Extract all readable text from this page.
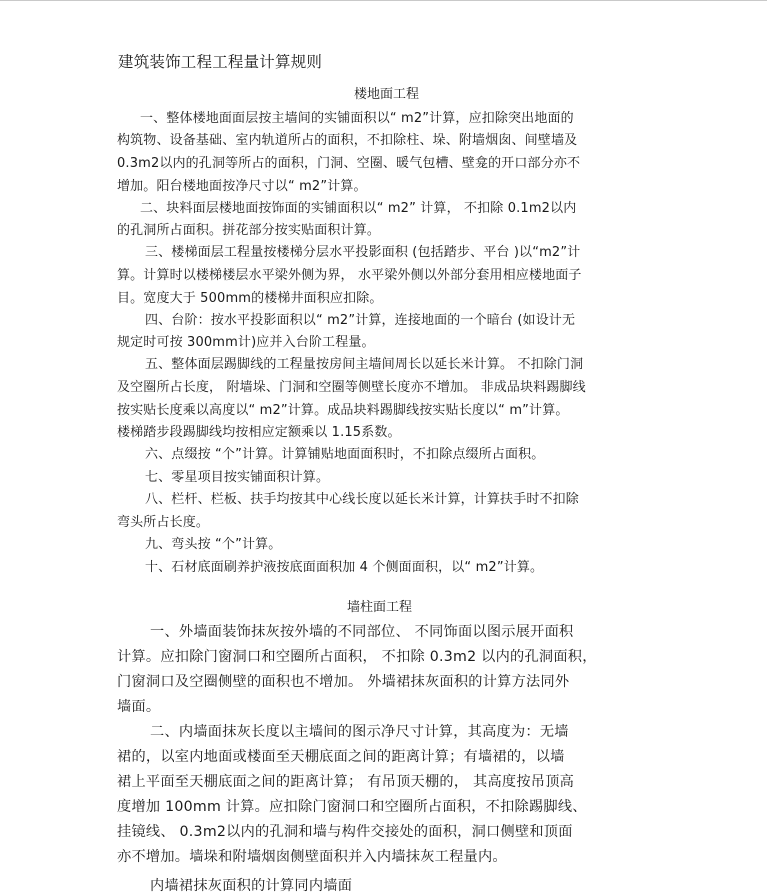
建筑装饰工程工程量计算规则
楼地面工程
一、整体楼地面面层按主墙间的实铺面积以“ m2”计算，应扣除突出地面的
构筑物、设备基础、室内轨道所占的面积，不扣除柱、垛、附墙烟囱、间壁墙及
0.3m2以内的孔洞等所占的面积，门洞、空圈、暖气包槽、壁龛的开口部分亦不
增加。阳台楼地面按净尺寸以“ m2”计算。
二、块料面层楼地面按饰面的实铺面积以“ m2” 计算， 不扣除 0.1m2以内
的孔洞所占面积。拼花部分按实贴面积计算。
三、楼梯面层工程量按楼梯分层水平投影面积 (包括踏步、平台 )以“m2”计
算。计算时以楼梯楼层水平梁外侧为界， 水平梁外侧以外部分套用相应楼地面子
目。宽度大于 500mm的楼梯井面积应扣除。
四、台阶：按水平投影面积以“ m2”计算，连接地面的一个暗台 (如设计无
规定时可按 300mm计)应并入台阶工程量。
五、整体面层踢脚线的工程量按房间主墙间周长以延长米计算。 不扣除门洞
及空圈所占长度， 附墙垛、门洞和空圈等侧壁长度亦不增加。 非成品块料踢脚线
按实贴长度乘以高度以“ m2”计算。成品块料踢脚线按实贴长度以“ m”计算。
楼梯踏步段踢脚线均按相应定额乘以 1.15系数。
六、点缀按 “个”计算。计算铺贴地面面积时，不扣除点缀所占面积。
七、零星项目按实铺面积计算。
八、栏杆、栏板、扶手均按其中心线长度以延长米计算，计算扶手时不扣除
弯头所占长度。
九、弯头按 “个”计算。
十、石材底面刷养护液按底面面积加 4 个侧面面积，以“ m2”计算。
墙柱面工程
一、外墙面装饰抹灰按外墙的不同部位、 不同饰面以图示展开面积
计算。应扣除门窗洞口和空圈所占面积， 不扣除 0.3m2 以内的孔洞面积，
门窗洞口及空圈侧壁的面积也不增加。 外墙裙抹灰面积的计算方法同外
墙面。
二、内墙面抹灰长度以主墙间的图示净尺寸计算，其高度为：无墙
裙的，以室内地面或楼面至天棚底面之间的距离计算；有墙裙的，以墙
裙上平面至天棚底面之间的距离计算； 有吊顶天棚的， 其高度按吊顶高
度增加 100mm 计算。应扣除门窗洞口和空圈所占面积，不扣除踢脚线、
挂镜线、 0.3m2以内的孔洞和墙与构件交接处的面积，洞口侧壁和顶面
亦不增加。墙垛和附墙烟囱侧壁面积并入内墙抹灰工程量内。
内墙裙抹灰面积的计算同内墙面
